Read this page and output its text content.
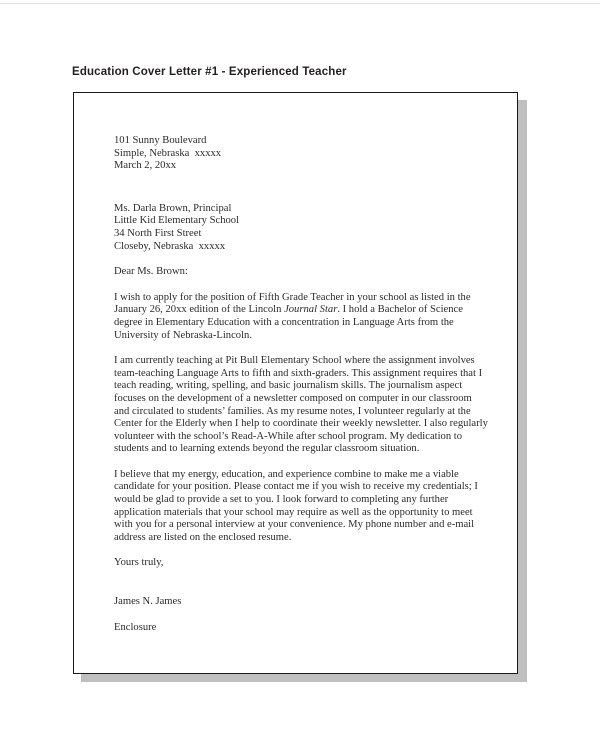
Education Cover Letter #1 - Experienced Teacher
101 Sunny Boulevard
Simple, Nebraska  xxxxx
March 2, 20xx
Ms. Darla Brown, Principal
Little Kid Elementary School
34 North First Street
Closeby, Nebraska  xxxxx
Dear Ms. Brown:

I wish to apply for the position of Fifth Grade Teacher in your school as listed in the January 26, 20xx edition of the Lincoln Journal Star. I hold a Bachelor of Science degree in Elementary Education with a concentration in Language Arts from the University of Nebraska-Lincoln.

I am currently teaching at Pit Bull Elementary School where the assignment involves team-teaching Language Arts to fifth and sixth-graders. This assignment requires that I teach reading, writing, spelling, and basic journalism skills. The journalism aspect focuses on the development of a newsletter composed on computer in our classroom and circulated to students’ families. As my resume notes, I volunteer regularly at the Center for the Elderly when I help to coordinate their weekly newsletter. I also regularly volunteer with the school’s Read-A-While after school program. My dedication to students and to learning extends beyond the regular classroom situation.

I believe that my energy, education, and experience combine to make me a viable candidate for your position. Please contact me if you wish to receive my credentials; I would be glad to provide a set to you. I look forward to completing any further application materials that your school may require as well as the opportunity to meet with you for a personal interview at your convenience. My phone number and e-mail address are listed on the enclosed resume.

Yours truly,
James N. James
Enclosure
